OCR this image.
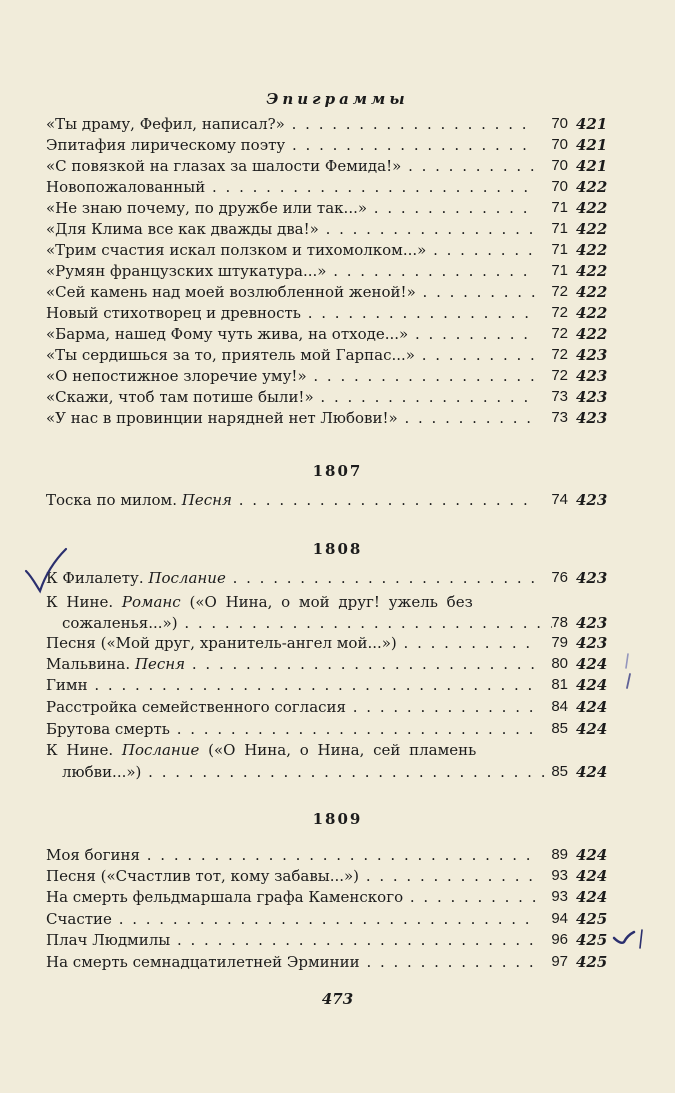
Эпиграммы
«Ты драму, Фефил, написал?» . . .	70 421
Эпитафия лирическому поэту . . .	70 421
«С повязкой на глазах за шалости Фемида!» . . .	70 421
Новопожалованный . . .	70 422
«Не знаю почему, по дружбе или так...» . . .	71 422
«Для Клима все как дважды два!» . . .	71 422
«Трим счастия искал ползком и тихомолком...» . . .	71 422
«Румян французских штукатура...» . . .	71 422
«Сей камень над моей возлюбленной женой!» . . .	72 422
Новый стихотворец и древность . . .	72 422
«Барма, нашед Фому чуть жива, на отходе...» . . .	72 422
«Ты сердишься за то, приятель мой Гарпас...» . . .	72 423
«О непостижное злоречие уму!» . . .	72 423
«Скажи, чтоб там потише были!» . . .	73 423
«У нас в провинции нарядней нет Любови!» . . .	73 423
1807
Тоска по милом. Песня . . .	74 423
1808
К Филалету. Послание . . .	76 423
К Нине. Романс («О Нина, о мой друг! ужель без
сожаленья...») . . .	78 423
Песня («Мой друг, хранитель-ангел мой...») . . .	79 423
Мальвина. Песня . . .	80 424
Гимн . . .	81 424
Расстройка семейственного согласия . . .	84 424
Брутова смерть . . .	85 424
К Нине. Послание («О Нина, о Нина, сей пламень
любви...») . . .	85 424
1809
Моя богиня . . .	89 424
Песня («Счастлив тот, кому забавы...») . . .	93 424
На смерть фельдмаршала графа Каменского . . .	93 424
Счастие . . .	94 425
Плач Людмилы . . .	96 425
На смерть семнадцатилетней Эрминии . . .	97 425
473
